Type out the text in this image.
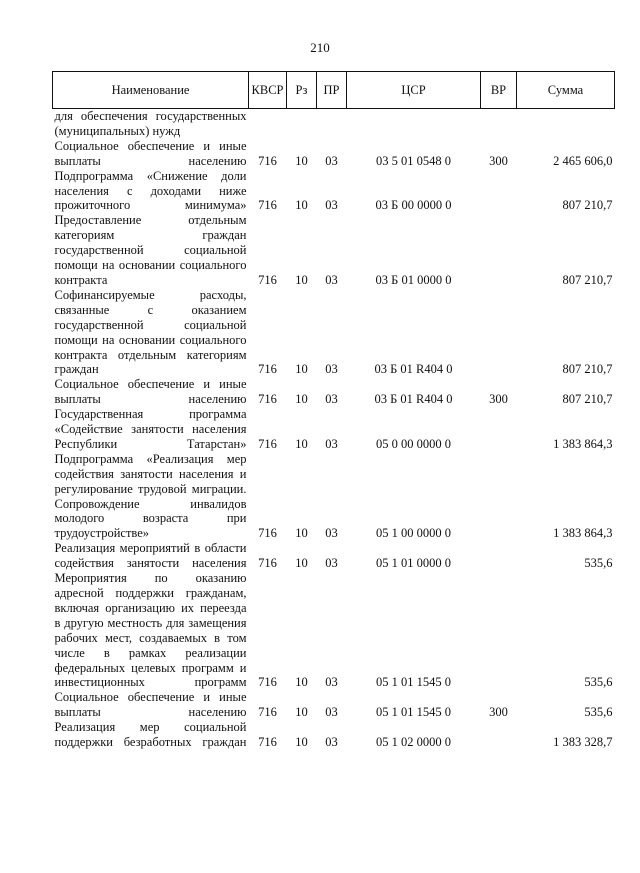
210
Наименование	КВСР	Рз	ПР	ЦСР	ВР	Сумма
для обеспечения государственных (муниципальных) нужд						
Социальное обеспечение и иные выплаты населению	716	10	03	03 5 01 0548 0	300	2 465 606,0
Подпрограмма «Снижение доли населения с доходами ниже прожиточного минимума»	716	10	03	03 Б 00 0000 0		807 210,7
Предоставление отдельным категориям граждан государственной социальной помощи на основании социального контракта	716	10	03	03 Б 01 0000 0		807 210,7
Софинансируемые расходы, связанные с оказанием государственной социальной помощи на основании социального контракта отдельным категориям граждан	716	10	03	03 Б 01 R404 0		807 210,7
Социальное обеспечение и иные выплаты населению	716	10	03	03 Б 01 R404 0	300	807 210,7
Государственная программа «Содействие занятости населения Республики Татарстан»	716	10	03	05 0 00 0000 0		1 383 864,3
Подпрограмма «Реализация мер содействия занятости населения и регулирование трудовой миграции. Сопровождение инвалидов молодого возраста при трудоустройстве»	716	10	03	05 1 00 0000 0		1 383 864,3
Реализация мероприятий в области содействия занятости населения	716	10	03	05 1 01 0000 0		535,6
Мероприятия по оказанию адресной поддержки гражданам, включая организацию их переезда в другую местность для замещения рабочих мест, создаваемых в том числе в рамках реализации федеральных целевых программ и инвестиционных программ	716	10	03	05 1 01 1545 0		535,6
Социальное обеспечение и иные выплаты населению	716	10	03	05 1 01 1545 0	300	535,6
Реализация мер социальной поддержки безработных граждан	716	10	03	05 1 02 0000 0		1 383 328,7
